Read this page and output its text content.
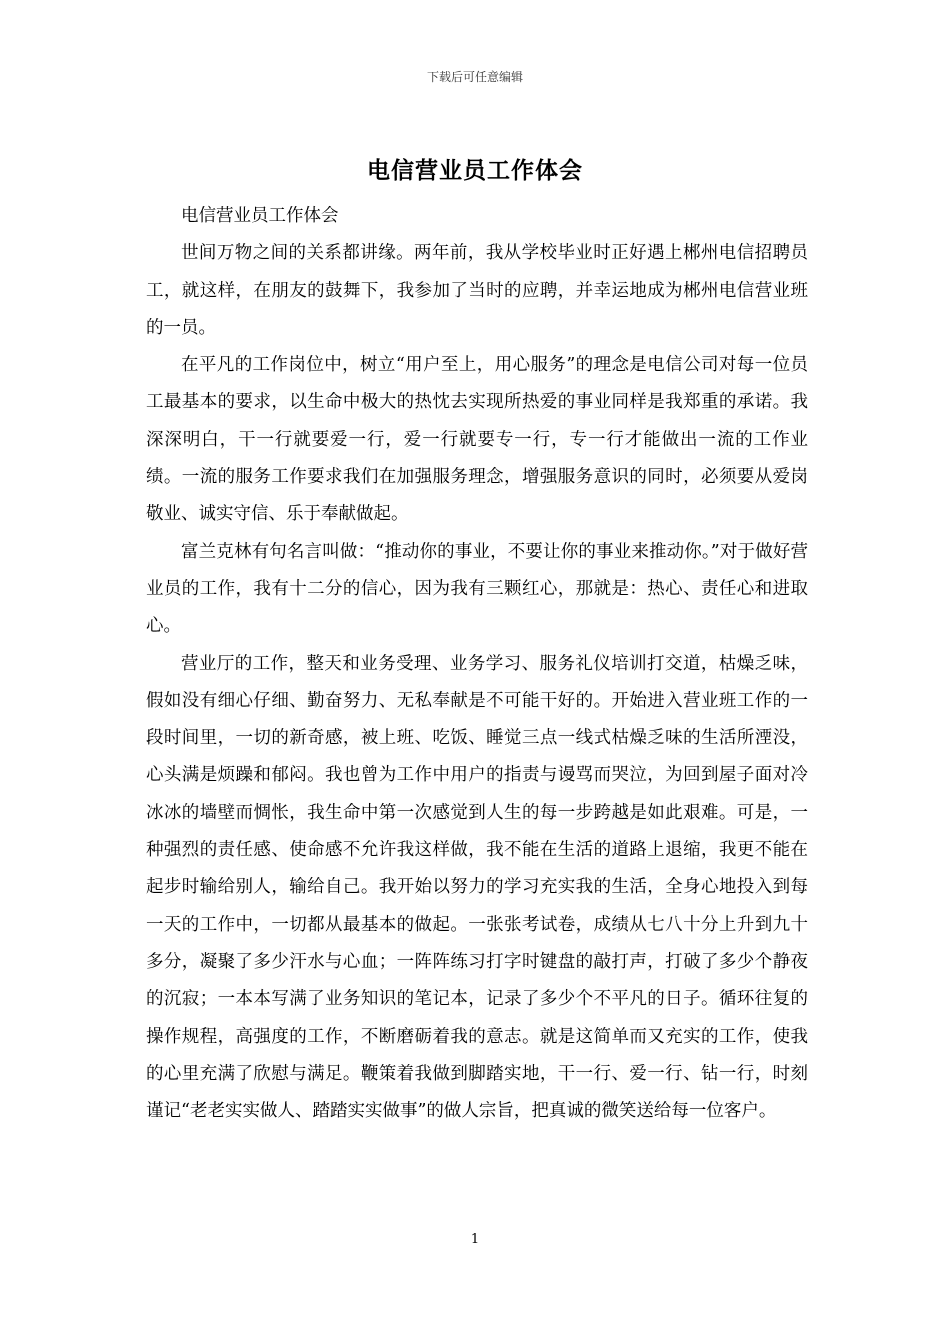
下载后可任意编辑
电信营业员工作体会

电信营业员工作体会

世间万物之间的关系都讲缘。两年前，我从学校毕业时正好遇上郴州电信招聘员工，就这样，在朋友的鼓舞下，我参加了当时的应聘，并幸运地成为郴州电信营业班的一员。

在平凡的工作岗位中，树立“用户至上，用心服务”的理念是电信公司对每一位员工最基本的要求，以生命中极大的热忱去实现所热爱的事业同样是我郑重的承诺。我深深明白，干一行就要爱一行，爱一行就要专一行，专一行才能做出一流的工作业绩。一流的服务工作要求我们在加强服务理念，增强服务意识的同时，必须要从爱岗敬业、诚实守信、乐于奉献做起。

富兰克林有句名言叫做：“推动你的事业，不要让你的事业来推动你。”对于做好营业员的工作，我有十二分的信心，因为我有三颗红心，那就是：热心、责任心和进取心。

营业厅的工作，整天和业务受理、业务学习、服务礼仪培训打交道，枯燥乏味，假如没有细心仔细、勤奋努力、无私奉献是不可能干好的。开始进入营业班工作的一段时间里，一切的新奇感，被上班、吃饭、睡觉三点一线式枯燥乏味的生活所湮没，心头满是烦躁和郁闷。我也曾为工作中用户的指责与谩骂而哭泣，为回到屋子面对冷冰冰的墙壁而惆怅，我生命中第一次感觉到人生的每一步跨越是如此艰难。可是，一种强烈的责任感、使命感不允许我这样做，我不能在生活的道路上退缩，我更不能在起步时输给别人，输给自己。我开始以努力的学习充实我的生活，全身心地投入到每一天的工作中，一切都从最基本的做起。一张张考试卷，成绩从七八十分上升到九十多分，凝聚了多少汗水与心血；一阵阵练习打字时键盘的敲打声，打破了多少个静夜的沉寂；一本本写满了业务知识的笔记本，记录了多少个不平凡的日子。循环往复的操作规程，高强度的工作，不断磨砺着我的意志。就是这简单而又充实的工作，使我的心里充满了欣慰与满足。鞭策着我做到脚踏实地，干一行、爱一行、钻一行，时刻谨记“老老实实做人、踏踏实实做事”的做人宗旨，把真诚的微笑送给每一位客户。

1
